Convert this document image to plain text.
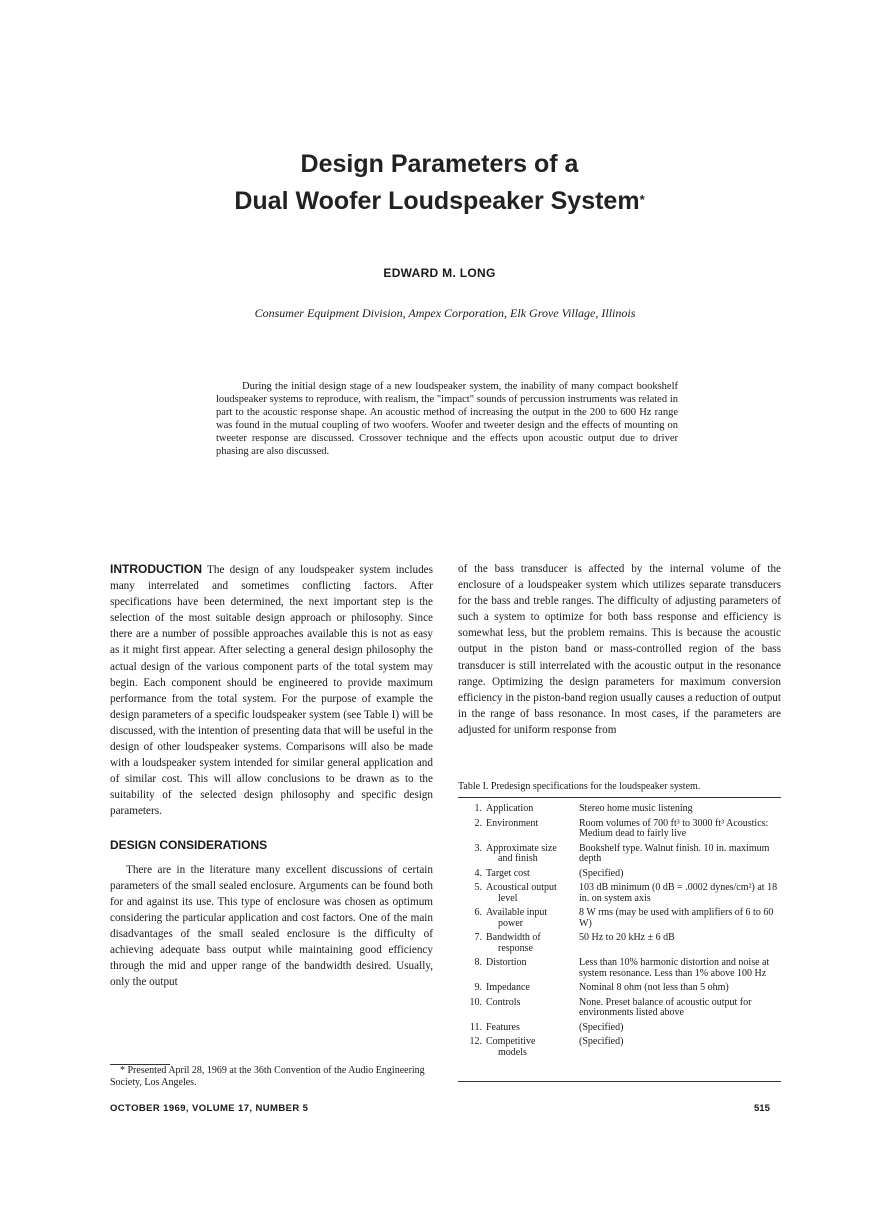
Design Parameters of a
Dual Woofer Loudspeaker System*
EDWARD M. LONG
Consumer Equipment Division, Ampex Corporation, Elk Grove Village, Illinois

During the initial design stage of a new loudspeaker system, the inability of many compact bookshelf loudspeaker systems to reproduce, with realism, the "impact" sounds of percussion instruments was related in part to the acoustic response shape. An acoustic method of increasing the output in the 200 to 600 Hz range was found in the mutual coupling of two woofers. Woofer and tweeter design and the effects of mounting on tweeter response are discussed. Crossover technique and the effects upon acoustic output due to driver phasing are also discussed.

INTRODUCTION The design of any loudspeaker system includes many interrelated and sometimes conflicting factors. After specifications have been determined, the next important step is the selection of the most suitable design approach or philosophy. Since there are a number of possible approaches available this is not as easy as it might first appear. After selecting a general design philosophy the actual design of the various component parts of the total system may begin. Each component should be engineered to provide maximum performance from the total system. For the purpose of example the design parameters of a specific loudspeaker system (see Table I) will be discussed, with the intention of presenting data that will be useful in the design of other loudspeaker systems. Comparisons will also be made with a loudspeaker system intended for similar general application and of similar cost. This will allow conclusions to be drawn as to the suitability of the selected design philosophy and specific design parameters.

DESIGN CONSIDERATIONS

There are in the literature many excellent discussions of certain parameters of the small sealed enclosure. Arguments can be found both for and against its use. This type of enclosure was chosen as optimum considering the particular application and cost factors. One of the main disadvantages of the small sealed enclosure is the difficulty of achieving adequate bass output while maintaining good efficiency through the mid and upper range of the bandwidth desired. Usually, only the output

of the bass transducer is affected by the internal volume of the enclosure of a loudspeaker system which utilizes separate transducers for the bass and treble ranges. The difficulty of adjusting parameters of such a system to optimize for both bass response and efficiency is somewhat less, but the problem remains. This is because the acoustic output in the piston band or mass-controlled region of the bass transducer is still interrelated with the acoustic output in the resonance range. Optimizing the design parameters for maximum conversion efficiency in the piston-band region usually causes a reduction of output in the range of bass resonance. In most cases, if the parameters are adjusted for uniform response from

Table I. Predesign specifications for the loudspeaker system.
1.	Application	Stereo home music listening
2.	Environment	Room volumes of 700 ft³ to 3000 ft³ Acoustics: Medium dead to fairly live
3.	Approximate size
and finish	Bookshelf type. Walnut finish. 10 in. maximum depth
4.	Target cost	(Specified)
5.	Acoustical output
level	103 dB minimum (0 dB = .0002 dynes/cm²) at 18 in. on system axis
6.	Available input
power	8 W rms (may be used with amplifiers of 6 to 60 W)
7.	Bandwidth of
response	50 Hz to 20 kHz ± 6 dB
8.	Distortion	Less than 10% harmonic distortion and noise at system resonance. Less than 1% above 100 Hz
9.	Impedance	Nominal 8 ohm (not less than 5 ohm)
10.	Controls	None. Preset balance of acoustic output for environments listed above
11.	Features	(Specified)
12.	Competitive
models	(Specified)
* Presented April 28, 1969 at the 36th Convention of the Audio Engineering Society, Los Angeles.
OCTOBER 1969, VOLUME 17, NUMBER 5	515
